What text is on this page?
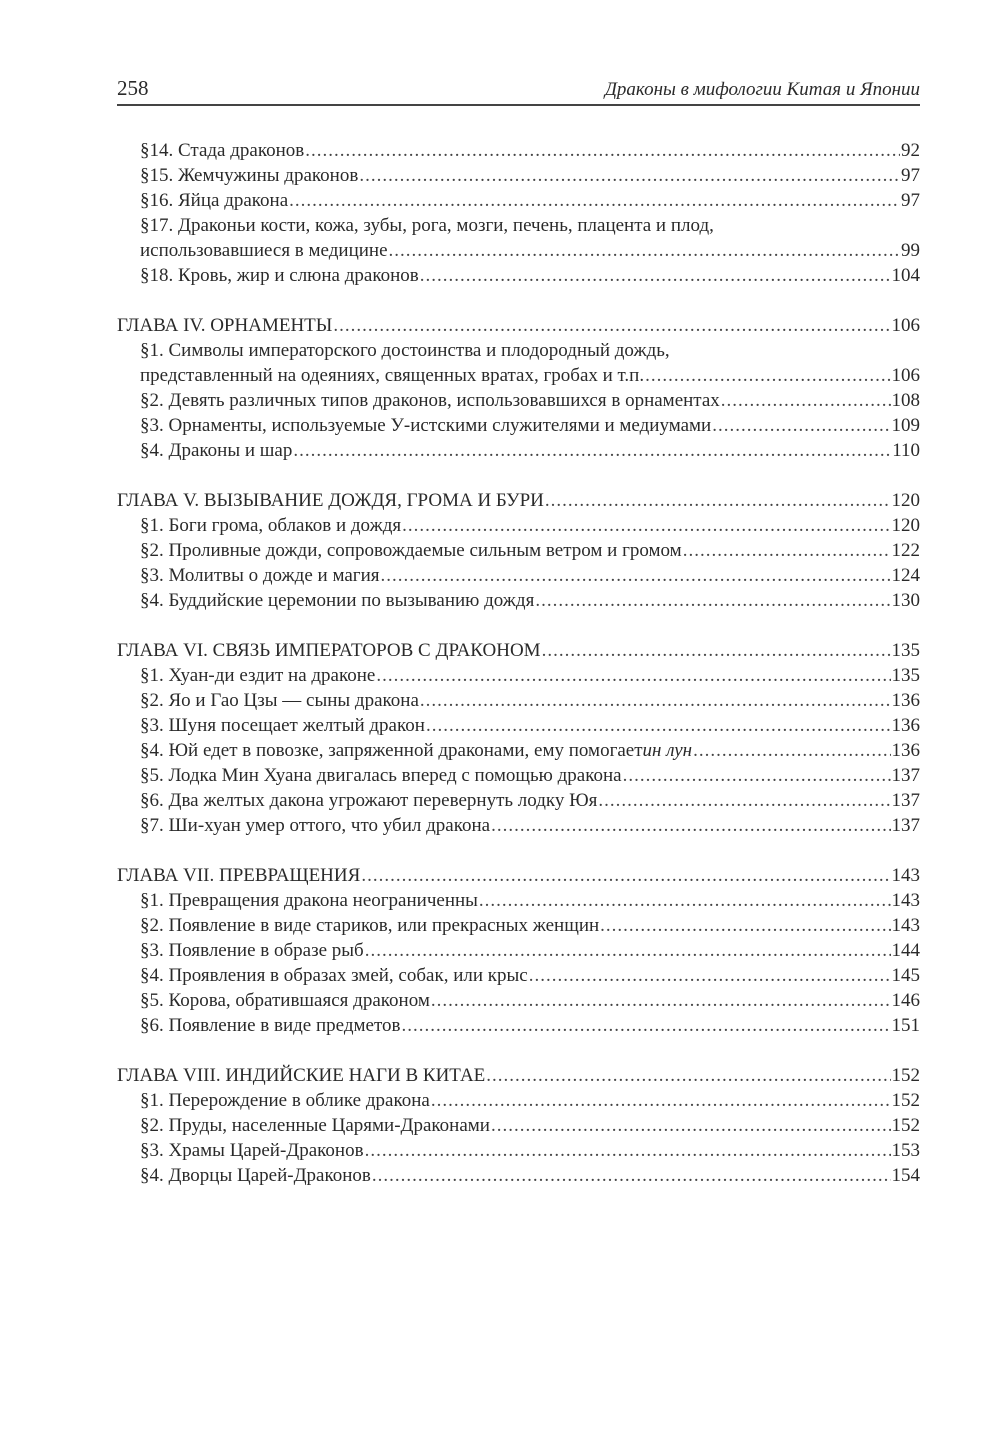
258	Драконы в мифологии Китая и Японии
§14. Стада драконов .....	92
§15. Жемчужины драконов .....	97
§16. Яйца дракона .....	97
§17. Драконьи кости, кожа, зубы, рога, мозги, печень, плацента и плод,
использовавшиеся в медицине .....	99
§18. Кровь, жир и слюна драконов .....	104
ГЛАВА IV. ОРНАМЕНТЫ .....	106
§1. Символы императорского достоинства и плодородный дождь,
представленный на одеяниях, священных вратах, гробах и т.п. .....	106
§2. Девять различных типов драконов, использовавшихся в орнаментах .....	108
§3. Орнаменты, используемые У-истскими служителями и медиумами .....	109
§4. Драконы и шар .....	110
ГЛАВА V. ВЫЗЫВАНИЕ ДОЖДЯ, ГРОМА И БУРИ .....	120
§1. Боги грома, облаков и дождя .....	120
§2. Проливные дожди, сопровождаемые сильным ветром и громом .....	122
§3. Молитвы о дожде и магия .....	124
§4. Буддийские церемонии по вызыванию дождя .....	130
ГЛАВА VI. СВЯЗЬ ИМПЕРАТОРОВ С ДРАКОНОМ .....	135
§1. Хуан-ди ездит на драконе .....	135
§2. Яо и Гао Цзы — сыны дракона .....	136
§3. Шуня посещает желтый дракон .....	136
§4. Юй едет в повозке, запряженной драконами, ему помогает ин лун .....	136
§5. Лодка Мин Хуана двигалась вперед с помощью дракона .....	137
§6. Два желтых дакона угрожают перевернуть лодку Юя .....	137
§7. Ши-хуан умер оттого, что убил дракона .....	137
ГЛАВА VII. ПРЕВРАЩЕНИЯ .....	143
§1. Превращения дракона неограниченны .....	143
§2. Появление в виде стариков, или прекрасных женщин .....	143
§3. Появление в образе рыб .....	144
§4. Проявления в образах змей, собак, или крыс .....	145
§5. Корова, обратившаяся драконом .....	146
§6. Появление в виде предметов .....	151
ГЛАВА VIII. ИНДИЙСКИЕ НАГИ В КИТАЕ .....	152
§1. Перерождение в облике дракона .....	152
§2. Пруды, населенные Царями-Драконами .....	152
§3. Храмы Царей-Драконов .....	153
§4. Дворцы Царей-Драконов .....	154
